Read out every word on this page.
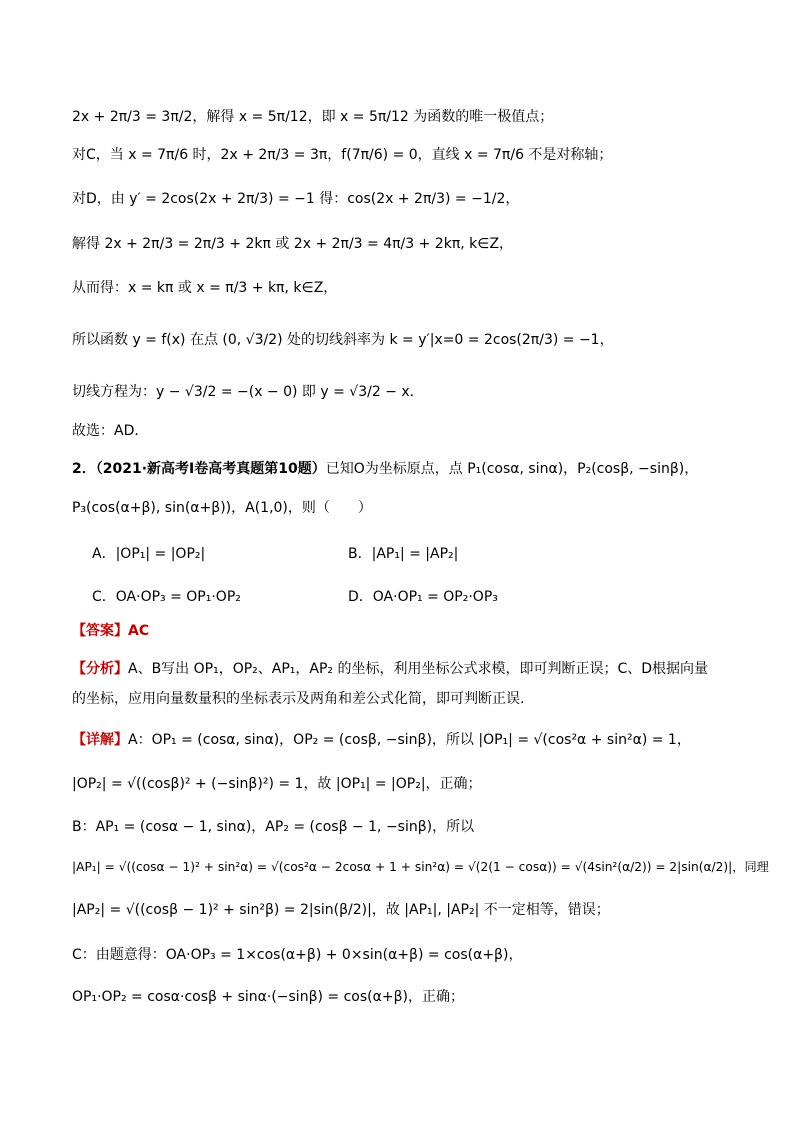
2x + 2π/3 = 3π/2，解得 x = 5π/12，即 x = 5π/12 为函数的唯一极值点；
对C，当 x = 7π/6 时，2x + 2π/3 = 3π，f(7π/6) = 0，直线 x = 7π/6 不是对称轴；
对D，由 y′ = 2cos(2x + 2π/3) = −1 得：cos(2x + 2π/3) = −1/2，
解得 2x + 2π/3 = 2π/3 + 2kπ 或 2x + 2π/3 = 4π/3 + 2kπ, k∈Z，
从而得：x = kπ 或 x = π/3 + kπ, k∈Z，
所以函数 y = f(x) 在点 (0, √3/2) 处的切线斜率为 k = y′|x=0 = 2cos(2π/3) = −1，
切线方程为：y − √3/2 = −(x − 0) 即 y = √3/2 − x．
故选：AD．
2．（2021·新高考Ⅰ卷高考真题第10题）已知O为坐标原点，点 P₁(cosα, sinα)，P₂(cosβ, −sinβ)，
P₃(cos(α+β), sin(α+β))，A(1,0)，则（　　）
A．|OP₁| = |OP₂|	B．|AP₁| = |AP₂|
C．OA·OP₃ = OP₁·OP₂	D．OA·OP₁ = OP₂·OP₃
【答案】AC
【分析】A、B写出 OP₁，OP₂、AP₁，AP₂ 的坐标，利用坐标公式求模，即可判断正误；C、D根据向量的坐标，应用向量数量积的坐标表示及两角和差公式化简，即可判断正误.
【详解】A：OP₁ = (cosα, sinα)，OP₂ = (cosβ, −sinβ)，所以 |OP₁| = √(cos²α + sin²α) = 1，
|OP₂| = √((cosβ)² + (−sinβ)²) = 1，故 |OP₁| = |OP₂|，正确；
B：AP₁ = (cosα − 1, sinα)，AP₂ = (cosβ − 1, −sinβ)，所以
|AP₁| = √((cosα − 1)² + sin²α) = √(cos²α − 2cosα + 1 + sin²α) = √(2(1 − cosα)) = √(4sin²(α/2)) = 2|sin(α/2)|，同理
|AP₂| = √((cosβ − 1)² + sin²β) = 2|sin(β/2)|，故 |AP₁|, |AP₂| 不一定相等，错误；
C：由题意得：OA·OP₃ = 1×cos(α+β) + 0×sin(α+β) = cos(α+β)，
OP₁·OP₂ = cosα·cosβ + sinα·(−sinβ) = cos(α+β)，正确；
